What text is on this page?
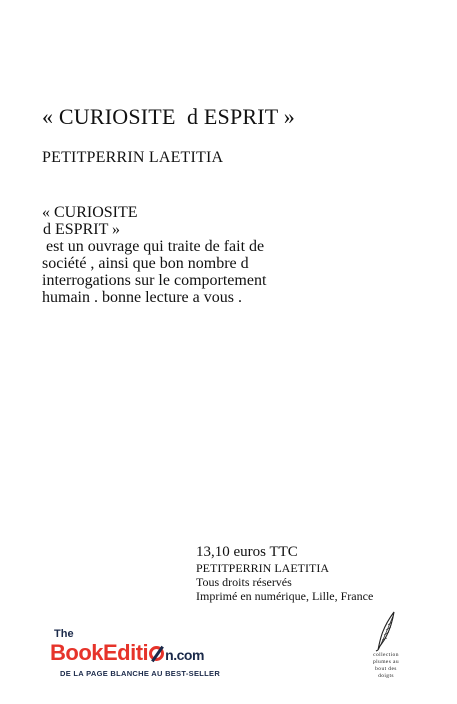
« CURIOSITE  d ESPRIT »
PETITPERRIN LAETITIA
« CURIOSITE
d ESPRIT »
est un ouvrage qui traite de fait de
société , ainsi que bon nombre d
interrogations sur le comportement
humain . bonne lecture a vous .
13,10 euros TTC
PETITPERRIN LAETITIA
Tous droits réservés
Imprimé en numérique, Lille, France
The
BookEditi n.com
DE LA PAGE BLANCHE AU BEST-SELLER
collection
plumes au
bout des
doigts
